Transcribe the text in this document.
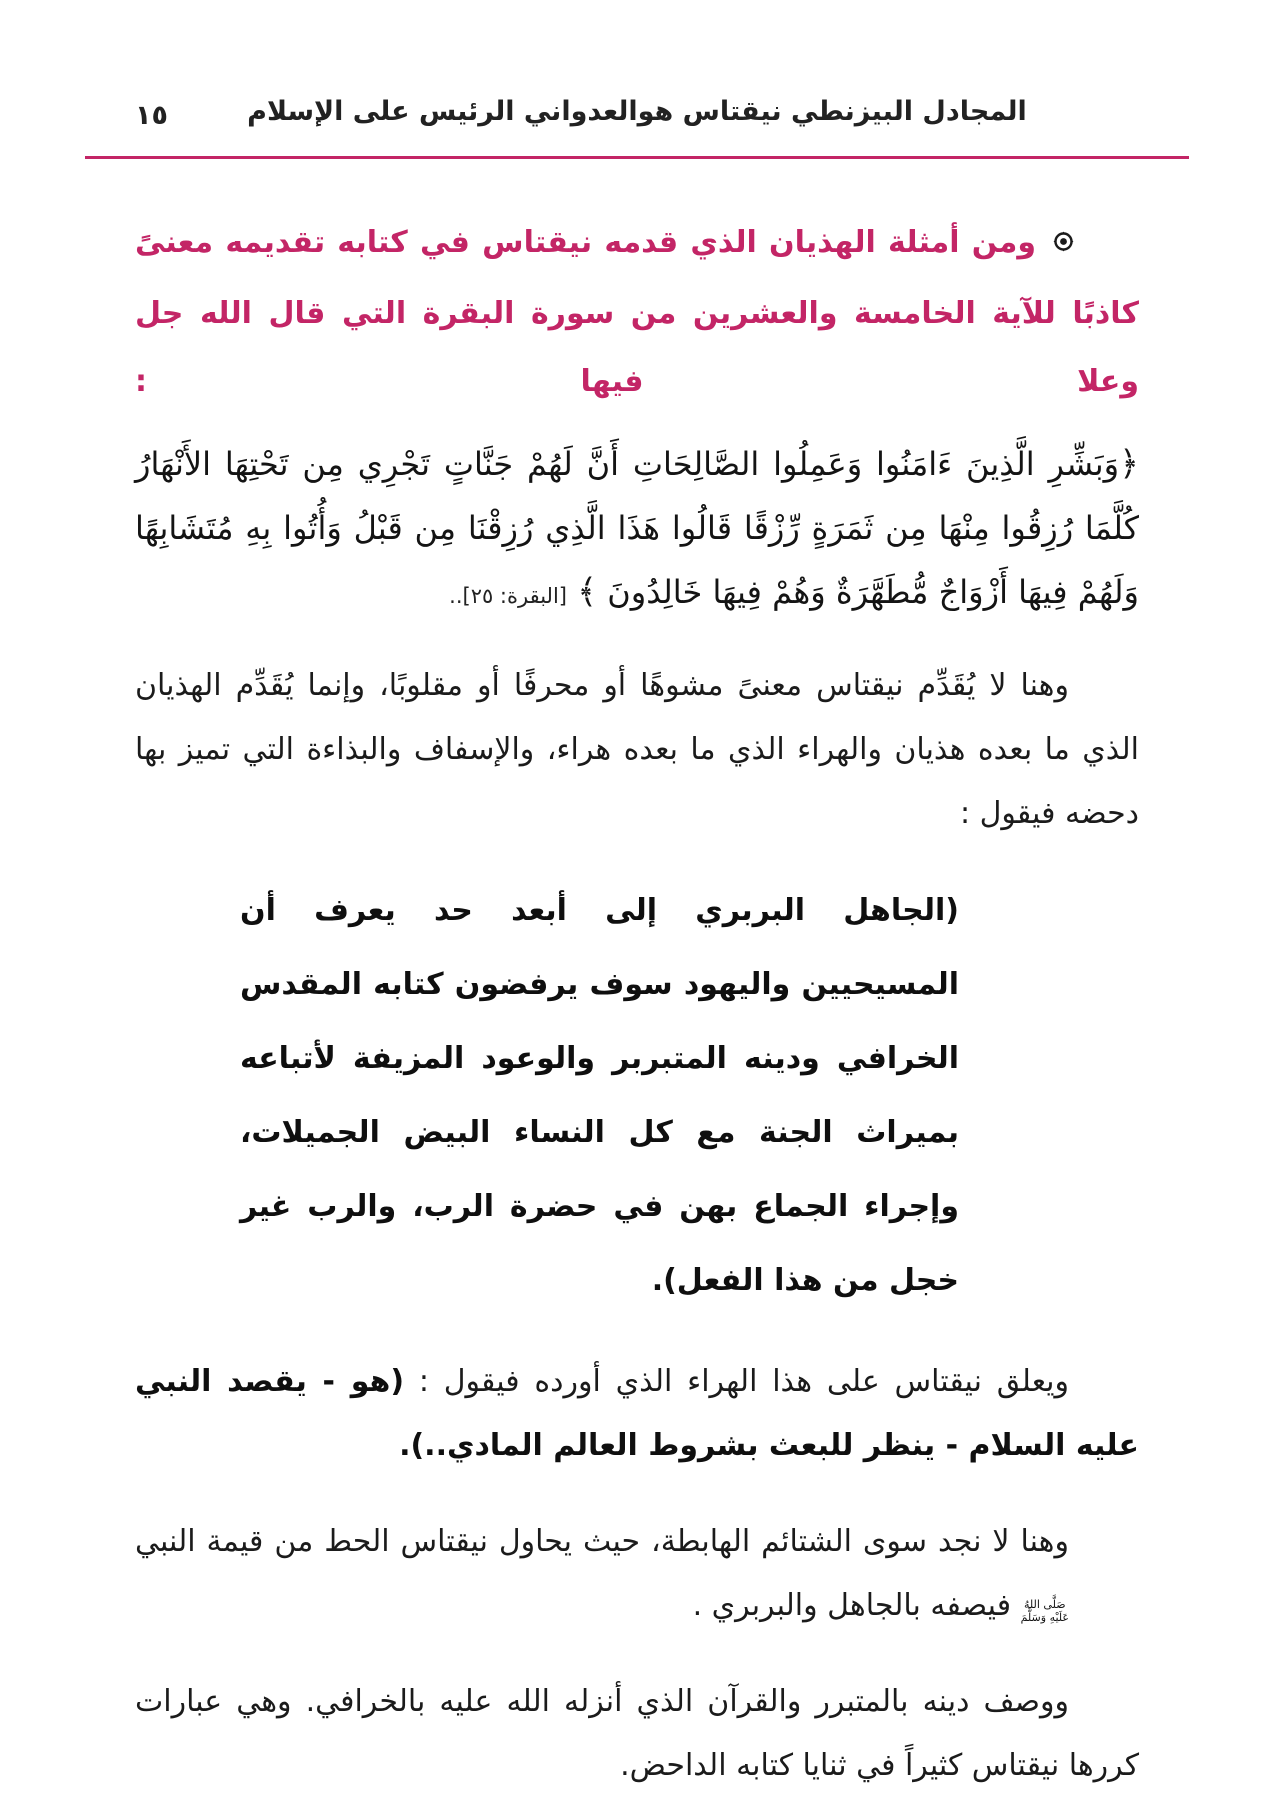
١٥	المجادل البيزنطي نيقتاس هوالعدواني الرئيس على الإسلام

ومن أمثلة الهذيان الذي قدمه نيقتاس في كتابه تقديمه معنىً كاذبًا للآية الخامسة والعشرين من سورة البقرة التي قال الله جل وعلا فيها :

﴿وَبَشِّرِ الَّذِينَ ءَامَنُوا وَعَمِلُوا الصَّالِحَاتِ أَنَّ لَهُمْ جَنَّاتٍ تَجْرِي مِن تَحْتِهَا الأَنْهَارُ كُلَّمَا رُزِقُوا مِنْهَا مِن ثَمَرَةٍ رِّزْقًا قَالُوا هَذَا الَّذِي رُزِقْنَا مِن قَبْلُ وَأُتُوا بِهِ مُتَشَابِهًا وَلَهُمْ فِيهَا أَزْوَاجٌ مُّطَهَّرَةٌ وَهُمْ فِيهَا خَالِدُونَ ﴾ [البقرة: ٢٥]..

وهنا لا يُقَدِّم نيقتاس معنىً مشوهًا أو محرفًا أو مقلوبًا، وإنما يُقَدِّم الهذيان الذي ما بعده هذيان والهراء الذي ما بعده هراء، والإسفاف والبذاءة التي تميز بها دحضه فيقول :

(الجاهل البربري إلى أبعد حد يعرف أن المسيحيين واليهود سوف يرفضون كتابه المقدس الخرافي ودينه المتبربر والوعود المزيفة لأتباعه بميراث الجنة مع كل النساء البيض الجميلات، وإجراء الجماع بهن في حضرة الرب، والرب غير خجل من هذا الفعل).

ويعلق نيقتاس على هذا الهراء الذي أورده فيقول : (هو - يقصد النبي عليه السلام - ينظر للبعث بشروط العالم المادي..).

وهنا لا نجد سوى الشتائم الهابطة، حيث يحاول نيقتاس الحط من قيمة النبي
صَلَّى اللهُ
عَلَيْهِ وَسَلَّمَ
فيصفه بالجاهل والبربري .

ووصف دينه بالمتبرر والقرآن الذي أنزله الله عليه بالخرافي. وهي عبارات كررها نيقتاس كثيراً في ثنايا كتابه الداحض.
